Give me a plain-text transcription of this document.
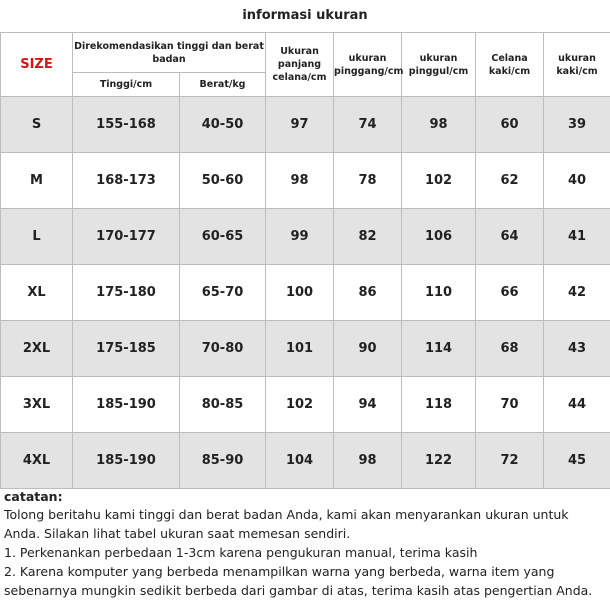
informasi ukuran
SIZE	Direkomendasikan tinggi dan berat badan		Ukuran panjang celana/cm	ukuran pinggang/cm	ukuran pinggul/cm	Celana kaki/cm	ukuran kaki/cm
	Tinggi/cm	Berat/kg					
S	155-168	40-50	97	74	98	60	39
M	168-173	50-60	98	78	102	62	40
L	170-177	60-65	99	82	106	64	41
XL	175-180	65-70	100	86	110	66	42
2XL	175-185	70-80	101	90	114	68	43
3XL	185-190	80-85	102	94	118	70	44
4XL	185-190	85-90	104	98	122	72	45
catatan:

Tolong beritahu kami tinggi dan berat badan Anda, kami akan menyarankan ukuran untuk Anda. Silakan lihat tabel ukuran saat memesan sendiri.

1. Perkenankan perbedaan 1-3cm karena pengukuran manual, terima kasih

2. Karena komputer yang berbeda menampilkan warna yang berbeda, warna item yang sebenarnya mungkin sedikit berbeda dari gambar di atas, terima kasih atas pengertian Anda.
